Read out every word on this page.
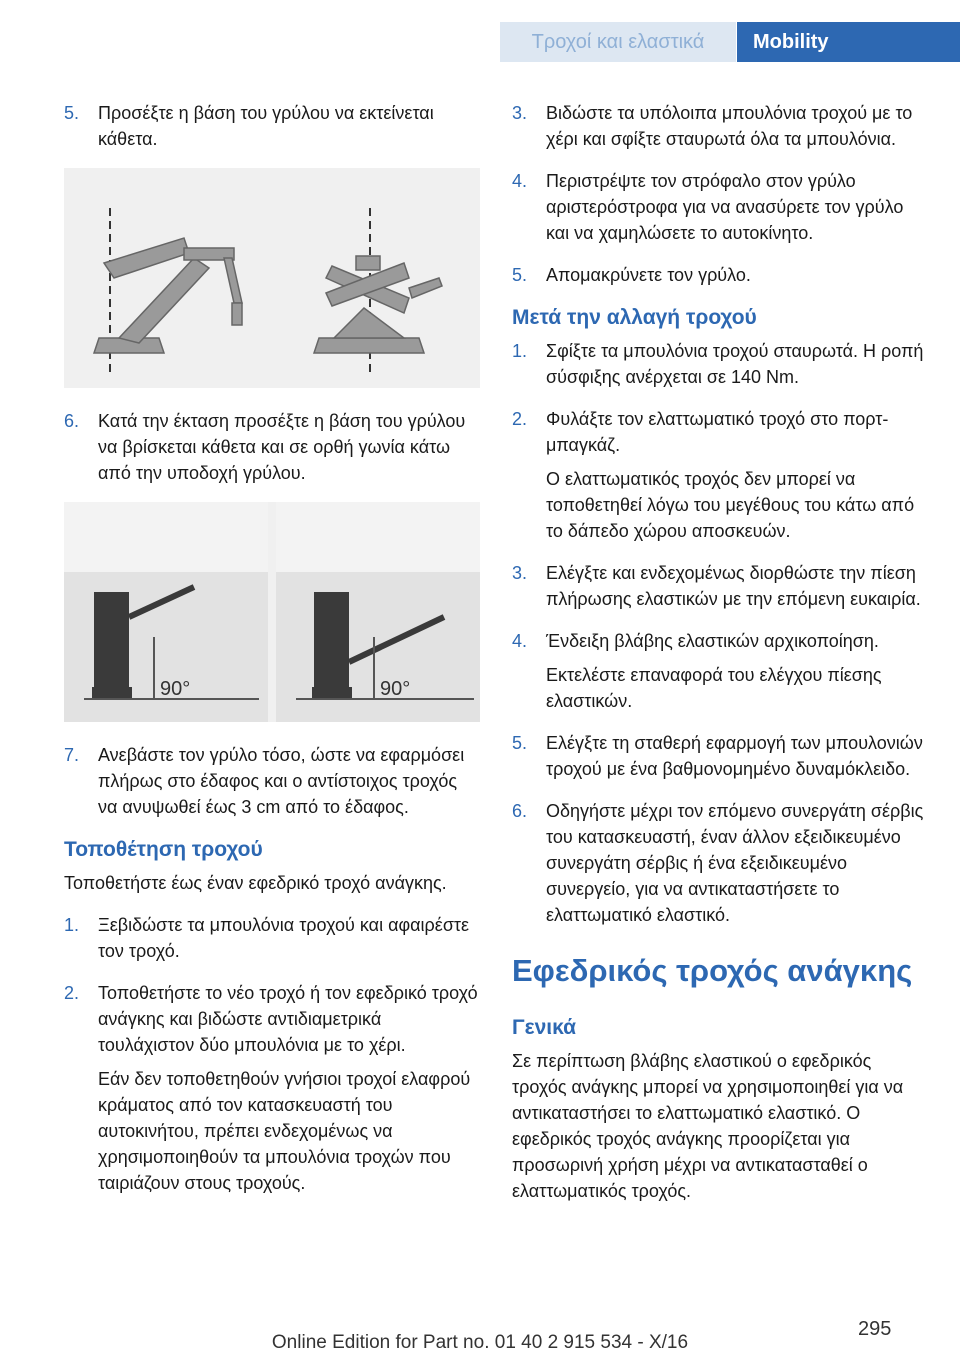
Τροχοί και ελαστικά	Mobility
5.	Προσέξτε η βάση του γρύλου να εκτείνεται κάθετα.
6.	Κατά την έκταση προσέξτε η βάση του γρύλου να βρίσκεται κάθετα και σε ορθή γωνία κάτω από την υποδοχή γρύλου.
90°	90°
7.	Ανεβάστε τον γρύλο τόσο, ώστε να εφαρμόσει πλήρως στο έδαφος και ο αντίστοιχος τροχός να ανυψωθεί έως 3 cm από το έδαφος.
Τοποθέτηση τροχού
Τοποθετήστε έως έναν εφεδρικό τροχό ανάγκης.
1.	Ξεβιδώστε τα μπουλόνια τροχού και αφαιρέστε τον τροχό.
2.	Τοποθετήστε το νέο τροχό ή τον εφεδρικό τροχό ανάγκης και βιδώστε αντιδιαμετρικά τουλάχιστον δύο μπουλόνια με το χέρι.
Εάν δεν τοποθετηθούν γνήσιοι τροχοί ελαφρού κράματος από τον κατασκευαστή του αυτοκινήτου, πρέπει ενδεχομένως να χρησιμοποιηθούν τα μπουλόνια τροχών που ταιριάζουν στους τροχούς.
3.	Βιδώστε τα υπόλοιπα μπουλόνια τροχού με το χέρι και σφίξτε σταυρωτά όλα τα μπουλόνια.
4.	Περιστρέψτε τον στρόφαλο στον γρύλο αριστερόστροφα για να ανασύρετε τον γρύλο και να χαμηλώσετε το αυτοκίνητο.
5.	Απομακρύνετε τον γρύλο.
Μετά την αλλαγή τροχού
1.	Σφίξτε τα μπουλόνια τροχού σταυρωτά. Η ροπή σύσφιξης ανέρχεται σε 140 Nm.
2.	Φυλάξτε τον ελαττωματικό τροχό στο πορτ-μπαγκάζ.
Ο ελαττωματικός τροχός δεν μπορεί να τοποθετηθεί λόγω του μεγέθους του κάτω από το δάπεδο χώρου αποσκευών.
3.	Ελέγξτε και ενδεχομένως διορθώστε την πίεση πλήρωσης ελαστικών με την επόμενη ευκαιρία.
4.	Ένδειξη βλάβης ελαστικών αρχικοποίηση.
Εκτελέστε επαναφορά του ελέγχου πίεσης ελαστικών.
5.	Ελέγξτε τη σταθερή εφαρμογή των μπουλονιών τροχού με ένα βαθμονομημένο δυναμόκλειδο.
6.	Οδηγήστε μέχρι τον επόμενο συνεργάτη σέρβις του κατασκευαστή, έναν άλλον εξειδικευμένο συνεργάτη σέρβις ή ένα εξειδικευμένο συνεργείο, για να αντικαταστήσετε το ελαττωματικό ελαστικό.
Εφεδρικός τροχός ανάγκης
Γενικά
Σε περίπτωση βλάβης ελαστικού ο εφεδρικός τροχός ανάγκης μπορεί να χρησιμοποιηθεί για να αντικαταστήσει το ελαττωματικό ελαστικό. Ο εφεδρικός τροχός ανάγκης προορίζεται για προσωρινή χρήση μέχρι να αντικατασταθεί ο ελαττωματικός τροχός.
295
Online Edition for Part no. 01 40 2 915 534 - X/16
